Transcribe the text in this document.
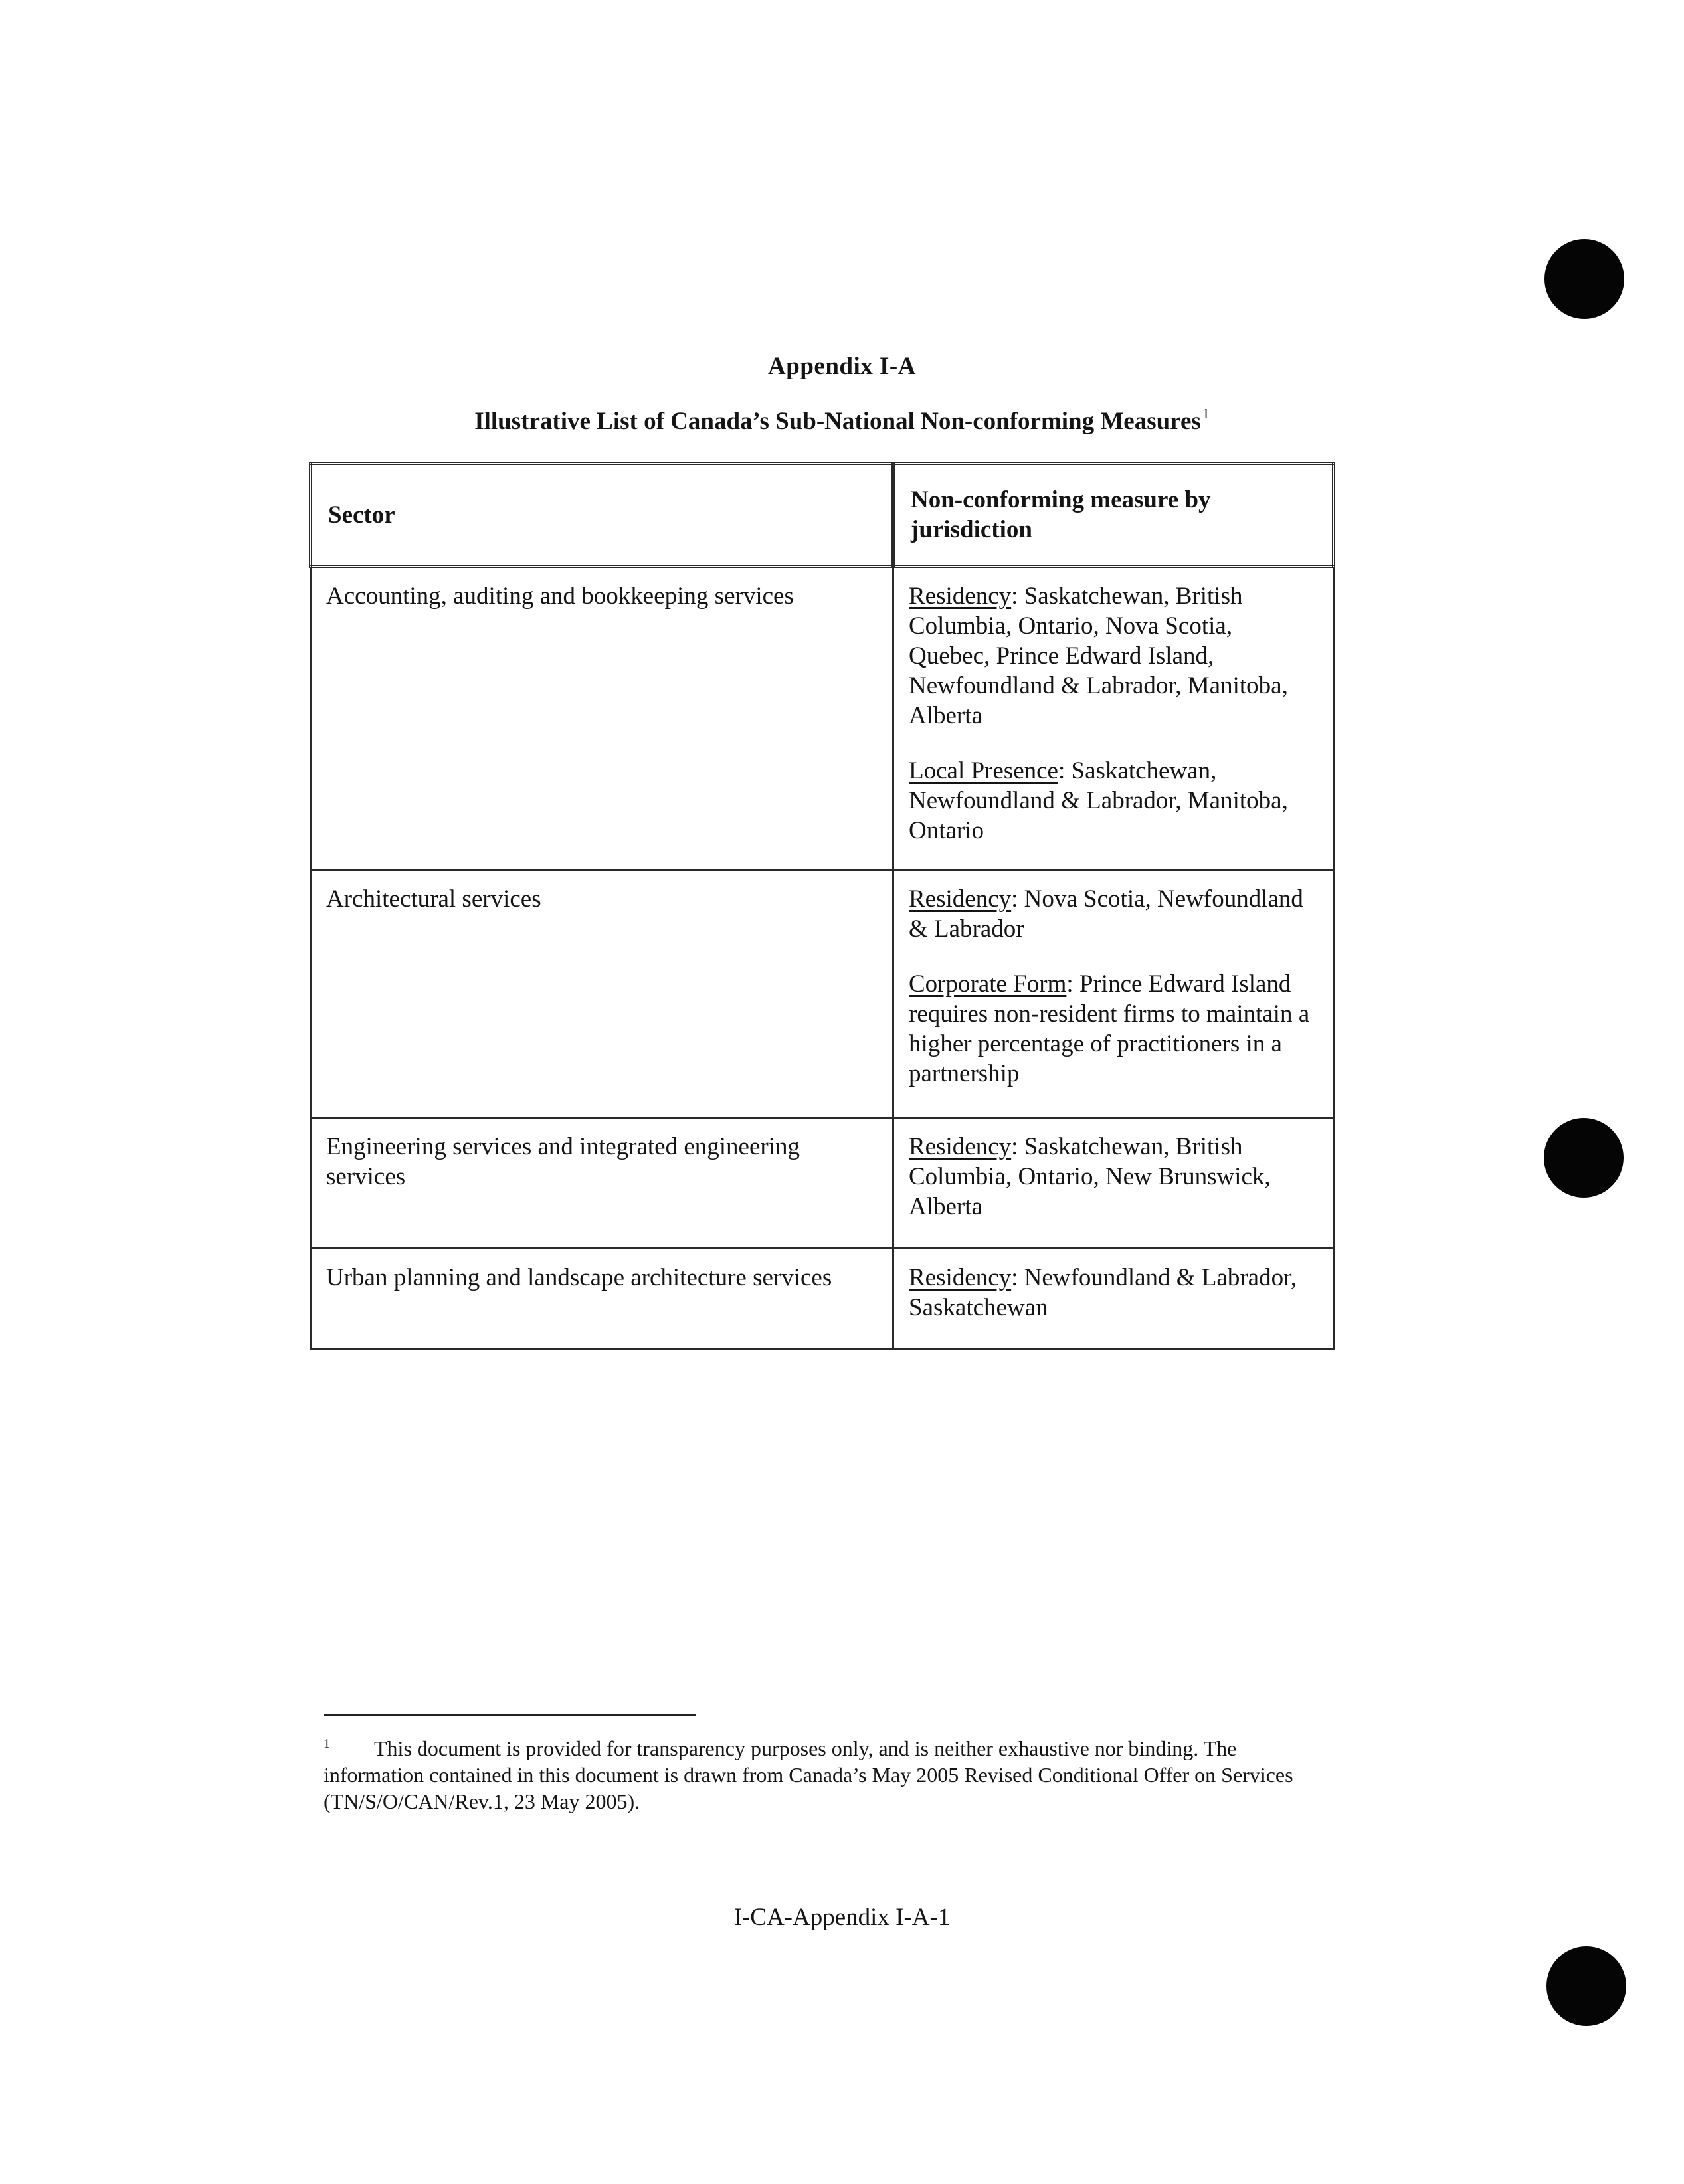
Appendix I-A
Illustrative List of Canada’s Sub-National Non-conforming Measures$^1$
Sector	Non-conforming measure by jurisdiction

Accounting, auditing and bookkeeping services	Residency: Saskatchewan, British Columbia, Ontario, Nova Scotia, Quebec, Prince Edward Island, Newfoundland & Labrador, Manitoba, Alberta

Local Presence: Saskatchewan, Newfoundland & Labrador, Manitoba, Ontario

Architectural services	Residency: Nova Scotia, Newfoundland & Labrador

Corporate Form: Prince Edward Island requires non-resident firms to maintain a higher percentage of practitioners in a partnership

Engineering services and integrated engineering services	Residency: Saskatchewan, British Columbia, Ontario, New Brunswick, Alberta

Urban planning and landscape architecture services	Residency: Newfoundland & Labrador, Saskatchewan

$^1$ This document is provided for transparency purposes only, and is neither exhaustive nor binding. The information contained in this document is drawn from Canada’s May 2005 Revised Conditional Offer on Services (TN/S/O/CAN/Rev.1, 23 May 2005).
I-CA-Appendix I-A-1
